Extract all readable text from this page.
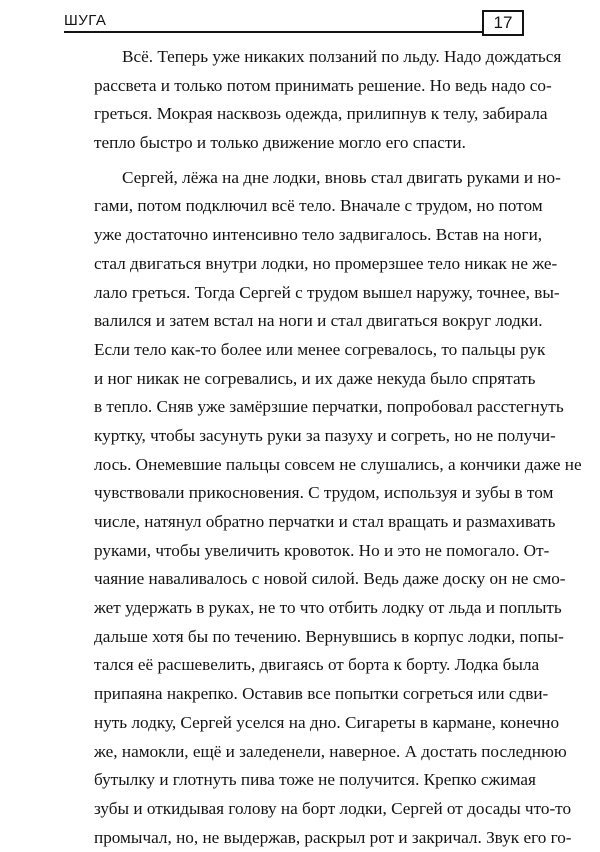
ШУГА	17
Всё. Теперь уже никаких ползаний по льду. Надо дождаться
рассвета и только потом принимать решение. Но ведь надо со-
греться. Мокрая насквозь одежда, прилипнув к телу, забирала
тепло быстро и только движение могло его спасти.
Сергей, лёжа на дне лодки, вновь стал двигать руками и но-
гами, потом подключил всё тело. Вначале с трудом, но потом
уже достаточно интенсивно тело задвигалось. Встав на ноги,
стал двигаться внутри лодки, но промерзшее тело никак не же-
лало греться. Тогда Сергей с трудом вышел наружу, точнее, вы-
валился и затем встал на ноги и стал двигаться вокруг лодки.
Если тело как-то более или менее согревалось, то пальцы рук
и ног никак не согревались, и их даже некуда было спрятать
в тепло. Сняв уже замёрзшие перчатки, попробовал расстегнуть
куртку, чтобы засунуть руки за пазуху и согреть, но не получи-
лось. Онемевшие пальцы совсем не слушались, а кончики даже не
чувствовали прикосновения. С трудом, используя и зубы в том
числе, натянул обратно перчатки и стал вращать и размахивать
руками, чтобы увеличить кровоток. Но и это не помогало. От-
чаяние наваливалось с новой силой. Ведь даже доску он не смо-
жет удержать в руках, не то что отбить лодку от льда и поплыть
дальше хотя бы по течению. Вернувшись в корпус лодки, попы-
тался её расшевелить, двигаясь от борта к борту. Лодка была
припаяна накрепко. Оставив все попытки согреться или сдви-
нуть лодку, Сергей уселся на дно. Сигареты в кармане, конечно
же, намокли, ещё и заледенели, наверное. А достать последнюю
бутылку и глотнуть пива тоже не получится. Крепко сжимая
зубы и откидывая голову на борт лодки, Сергей от досады что-то
промычал, но, не выдержав, раскрыл рот и закричал. Звук его го-
